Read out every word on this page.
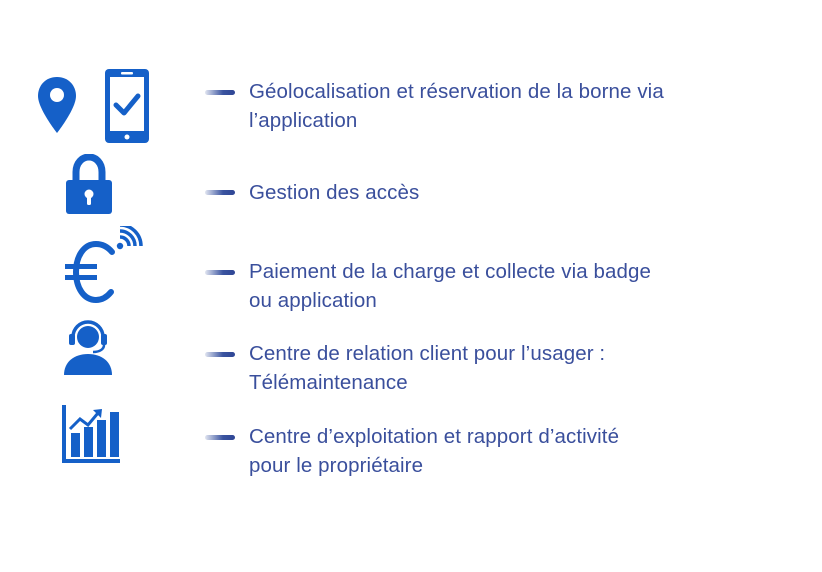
Géolocalisation et réservation de la borne via
l’application
Gestion des accès
Paiement de la charge et collecte via badge
ou application
Centre de relation client pour l’usager :
Télémaintenance
Centre d’exploitation et rapport d’activité
pour le propriétaire
